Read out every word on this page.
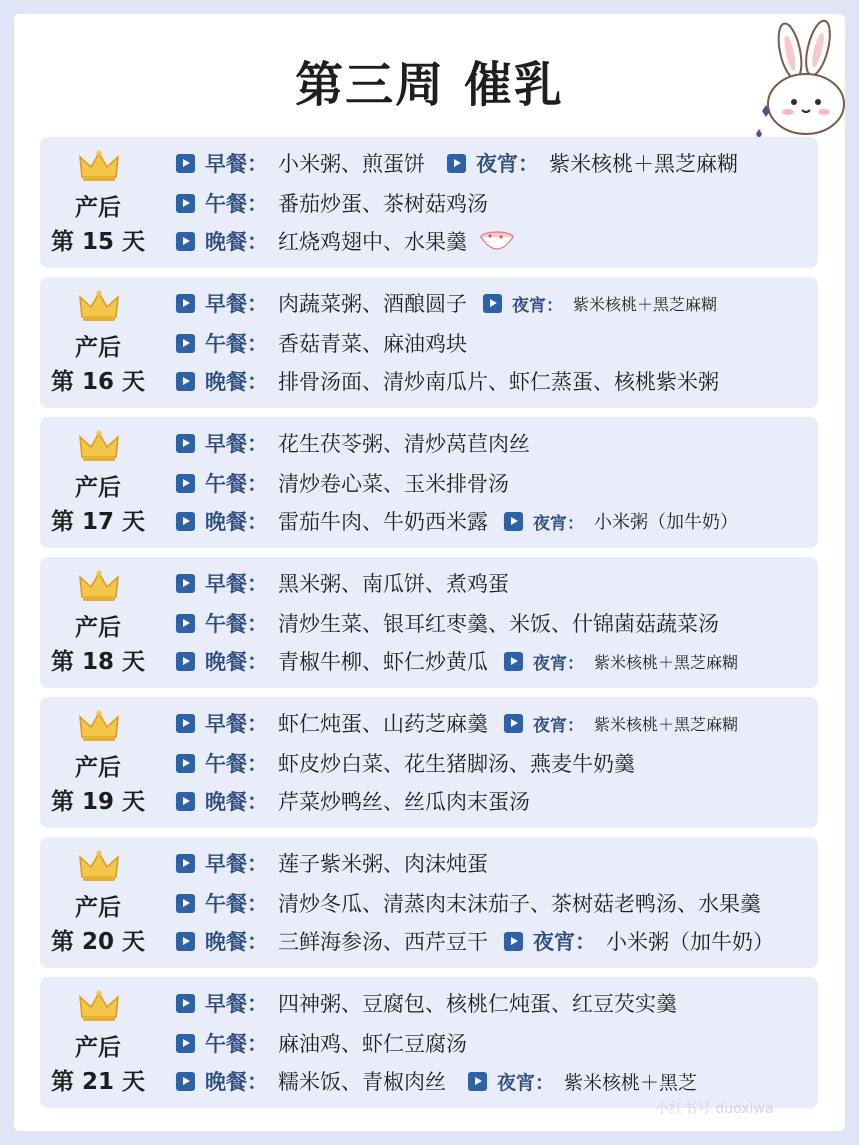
第三周 催乳
产后
第 15 天
早餐： 小米粥、煎蛋饼 夜宵： 紫米核桃＋黑芝麻糊
午餐： 番茄炒蛋、茶树菇鸡汤
晚餐： 红烧鸡翅中、水果羹
产后
第 16 天
早餐： 肉蔬菜粥、酒酿圆子	夜宵： 紫米核桃＋黑芝麻糊
午餐： 香菇青菜、麻油鸡块
晚餐： 排骨汤面、清炒南瓜片、虾仁蒸蛋、核桃紫米粥
产后
第 17 天
早餐： 花生茯苓粥、清炒莴苣肉丝
午餐： 清炒卷心菜、玉米排骨汤
晚餐： 雷茄牛肉、牛奶西米露	夜宵： 小米粥（加牛奶）
产后
第 18 天
早餐： 黑米粥、南瓜饼、煮鸡蛋
午餐： 清炒生菜、银耳红枣羹、米饭、什锦菌菇蔬菜汤
晚餐： 青椒牛柳、虾仁炒黄瓜	夜宵： 紫米核桃＋黑芝麻糊
产后
第 19 天
早餐： 虾仁炖蛋、山药芝麻羹	夜宵： 紫米核桃＋黑芝麻糊
午餐： 虾皮炒白菜、花生猪脚汤、燕麦牛奶羹
晚餐： 芹菜炒鸭丝、丝瓜肉末蛋汤
产后
第 20 天
早餐： 莲子紫米粥、肉沫炖蛋
午餐： 清炒冬瓜、清蒸肉末沫茄子、茶树菇老鸭汤、水果羹
晚餐： 三鲜海参汤、西芹豆干 夜宵： 小米粥（加牛奶）
产后
第 21 天
早餐： 四神粥、豆腐包、核桃仁炖蛋、红豆芡实羹
午餐： 麻油鸡、虾仁豆腐汤
晚餐： 糯米饭、青椒肉丝	夜宵： 紫米核桃＋黑芝
小红书号 duoxiwa
